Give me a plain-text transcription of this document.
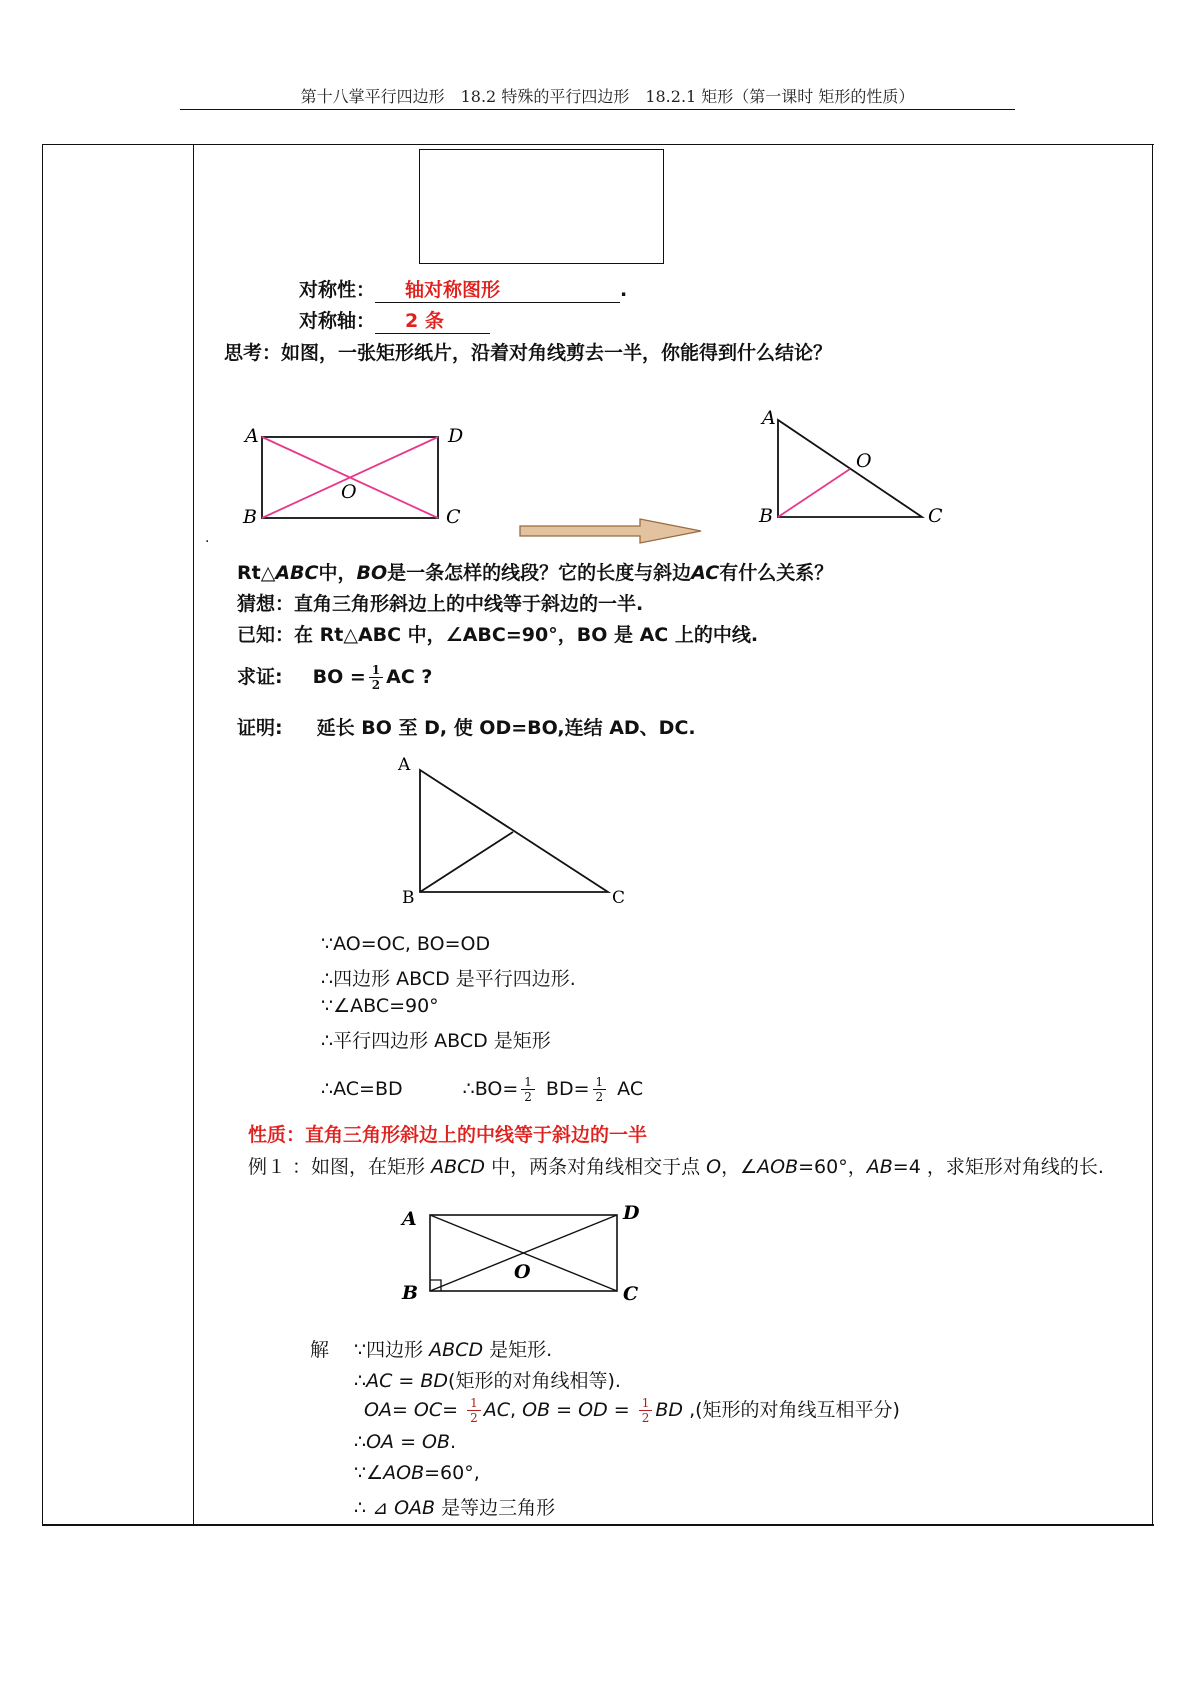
第十八掌平行四边形　18.2 特殊的平行四边形　18.2.1 矩形（第一课时 矩形的性质）
对称性： 轴对称图形	.
对称轴： 2 条
思考：如图，一张矩形纸片，沿着对角线剪去一半，你能得到什么结论？
A	D
B	C
O
.
A
O
B	C
Rt△ABC中，BO是一条怎样的线段？它的长度与斜边AC有什么关系？
猜想：直角三角形斜边上的中线等于斜边的一半.
已知：在 Rt△ABC 中，∠ABC=90°，BO 是 AC 上的中线.
求证: BO = $\frac{1}{2}$ AC ?
证明: 延长 BO 至 D, 使 OD=BO,连结 AD、DC.
A
B	C
∵AO=OC, BO=OD
∴四边形 ABCD 是平行四边形.
∵∠ABC=90°
∴平行四边形 ABCD 是矩形
∴AC=BD	∴BO= $\frac{1}{2} BD= \frac{1}{2}$ AC
性质：直角三角形斜边上的中线等于斜边的一半
例１ ：如图，在矩形 ABCD 中，两条对角线相交于点 O，∠AOB=60°，AB=4 ，求矩形对角线的长.
A	D
B	C
O
解 ∵四边形 ABCD 是矩形.
∴AC = BD(矩形的对角线相等).
$OA= OC= \frac{1}{2}$ AC, OB = OD = $\frac{1}{2}$ BD ,(矩形的对角线互相平分)
∴OA = OB.
∵∠AOB=60°,
∴ ⊿ OAB 是等边三角形
